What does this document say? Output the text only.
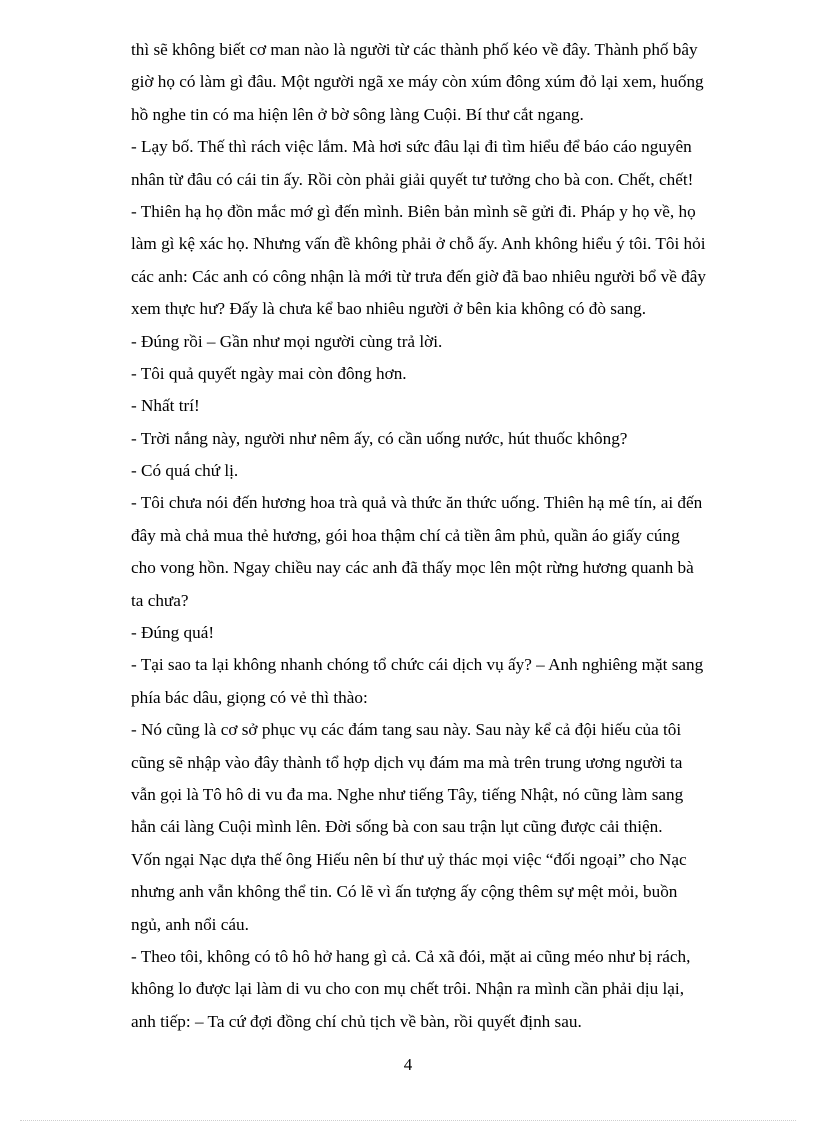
thì sẽ không biết cơ man nào là người từ các thành phố kéo về đây. Thành phố bây
giờ họ có làm gì đâu. Một người ngã xe máy còn xúm đông xúm đỏ lại xem, huống
hồ nghe tin có ma hiện lên ở bờ sông làng Cuội. Bí thư cắt ngang.
- Lạy bố. Thế thì rách việc lắm. Mà hơi sức đâu lại đi tìm hiểu để báo cáo nguyên
nhân từ đâu có cái tin ấy. Rồi còn phải giải quyết tư tưởng cho bà con. Chết, chết!
- Thiên hạ họ đồn mắc mớ gì đến mình. Biên bản mình sẽ gửi đi. Pháp y họ về, họ
làm gì kệ xác họ. Nhưng vấn đề không phải ở chỗ ấy. Anh không hiểu ý tôi. Tôi hỏi
các anh: Các anh có công nhận là mới từ trưa đến giờ đã bao nhiêu người bổ về đây
xem thực hư? Đấy là chưa kể bao nhiêu người ở bên kia không có đò sang.
- Đúng rồi – Gần như mọi người cùng trả lời.
- Tôi quả quyết ngày mai còn đông hơn.
- Nhất trí!
- Trời nắng này, người như nêm ấy, có cần uống nước, hút thuốc không?
- Có quá chứ lị.
- Tôi chưa nói đến hương hoa trà quả và thức ăn thức uống. Thiên hạ mê tín, ai đến
đây mà chả mua thẻ hương, gói hoa thậm chí cả tiền âm phủ, quần áo giấy cúng
cho vong hồn. Ngay chiều nay các anh đã thấy mọc lên một rừng hương quanh bà
ta chưa?
- Đúng quá!
- Tại sao ta lại không nhanh chóng tổ chức cái dịch vụ ấy? – Anh nghiêng mặt sang
phía bác dâu, giọng có vẻ thì thào:
- Nó cũng là cơ sở phục vụ các đám tang sau này. Sau này kể cả đội hiếu của tôi
cũng sẽ nhập vào đây thành tổ hợp dịch vụ đám ma mà trên trung ương người ta
vẫn gọi là Tô hô di vu đa ma. Nghe như tiếng Tây, tiếng Nhật, nó cũng làm sang
hẳn cái làng Cuội mình lên. Đời sống bà con sau trận lụt cũng được cải thiện.
Vốn ngại Nạc dựa thế ông Hiếu nên bí thư uỷ thác mọi việc “đối ngoại” cho Nạc
nhưng anh vẫn không thể tin. Có lẽ vì ấn tượng ấy cộng thêm sự mệt mỏi, buồn
ngủ, anh nổi cáu.
- Theo tôi, không có tô hô hở hang gì cả. Cả xã đói, mặt ai cũng méo như bị rách,
không lo được lại làm di vu cho con mụ chết trôi. Nhận ra mình cần phải dịu lại,
anh tiếp: – Ta cứ đợi đồng chí chủ tịch về bàn, rồi quyết định sau.
4
